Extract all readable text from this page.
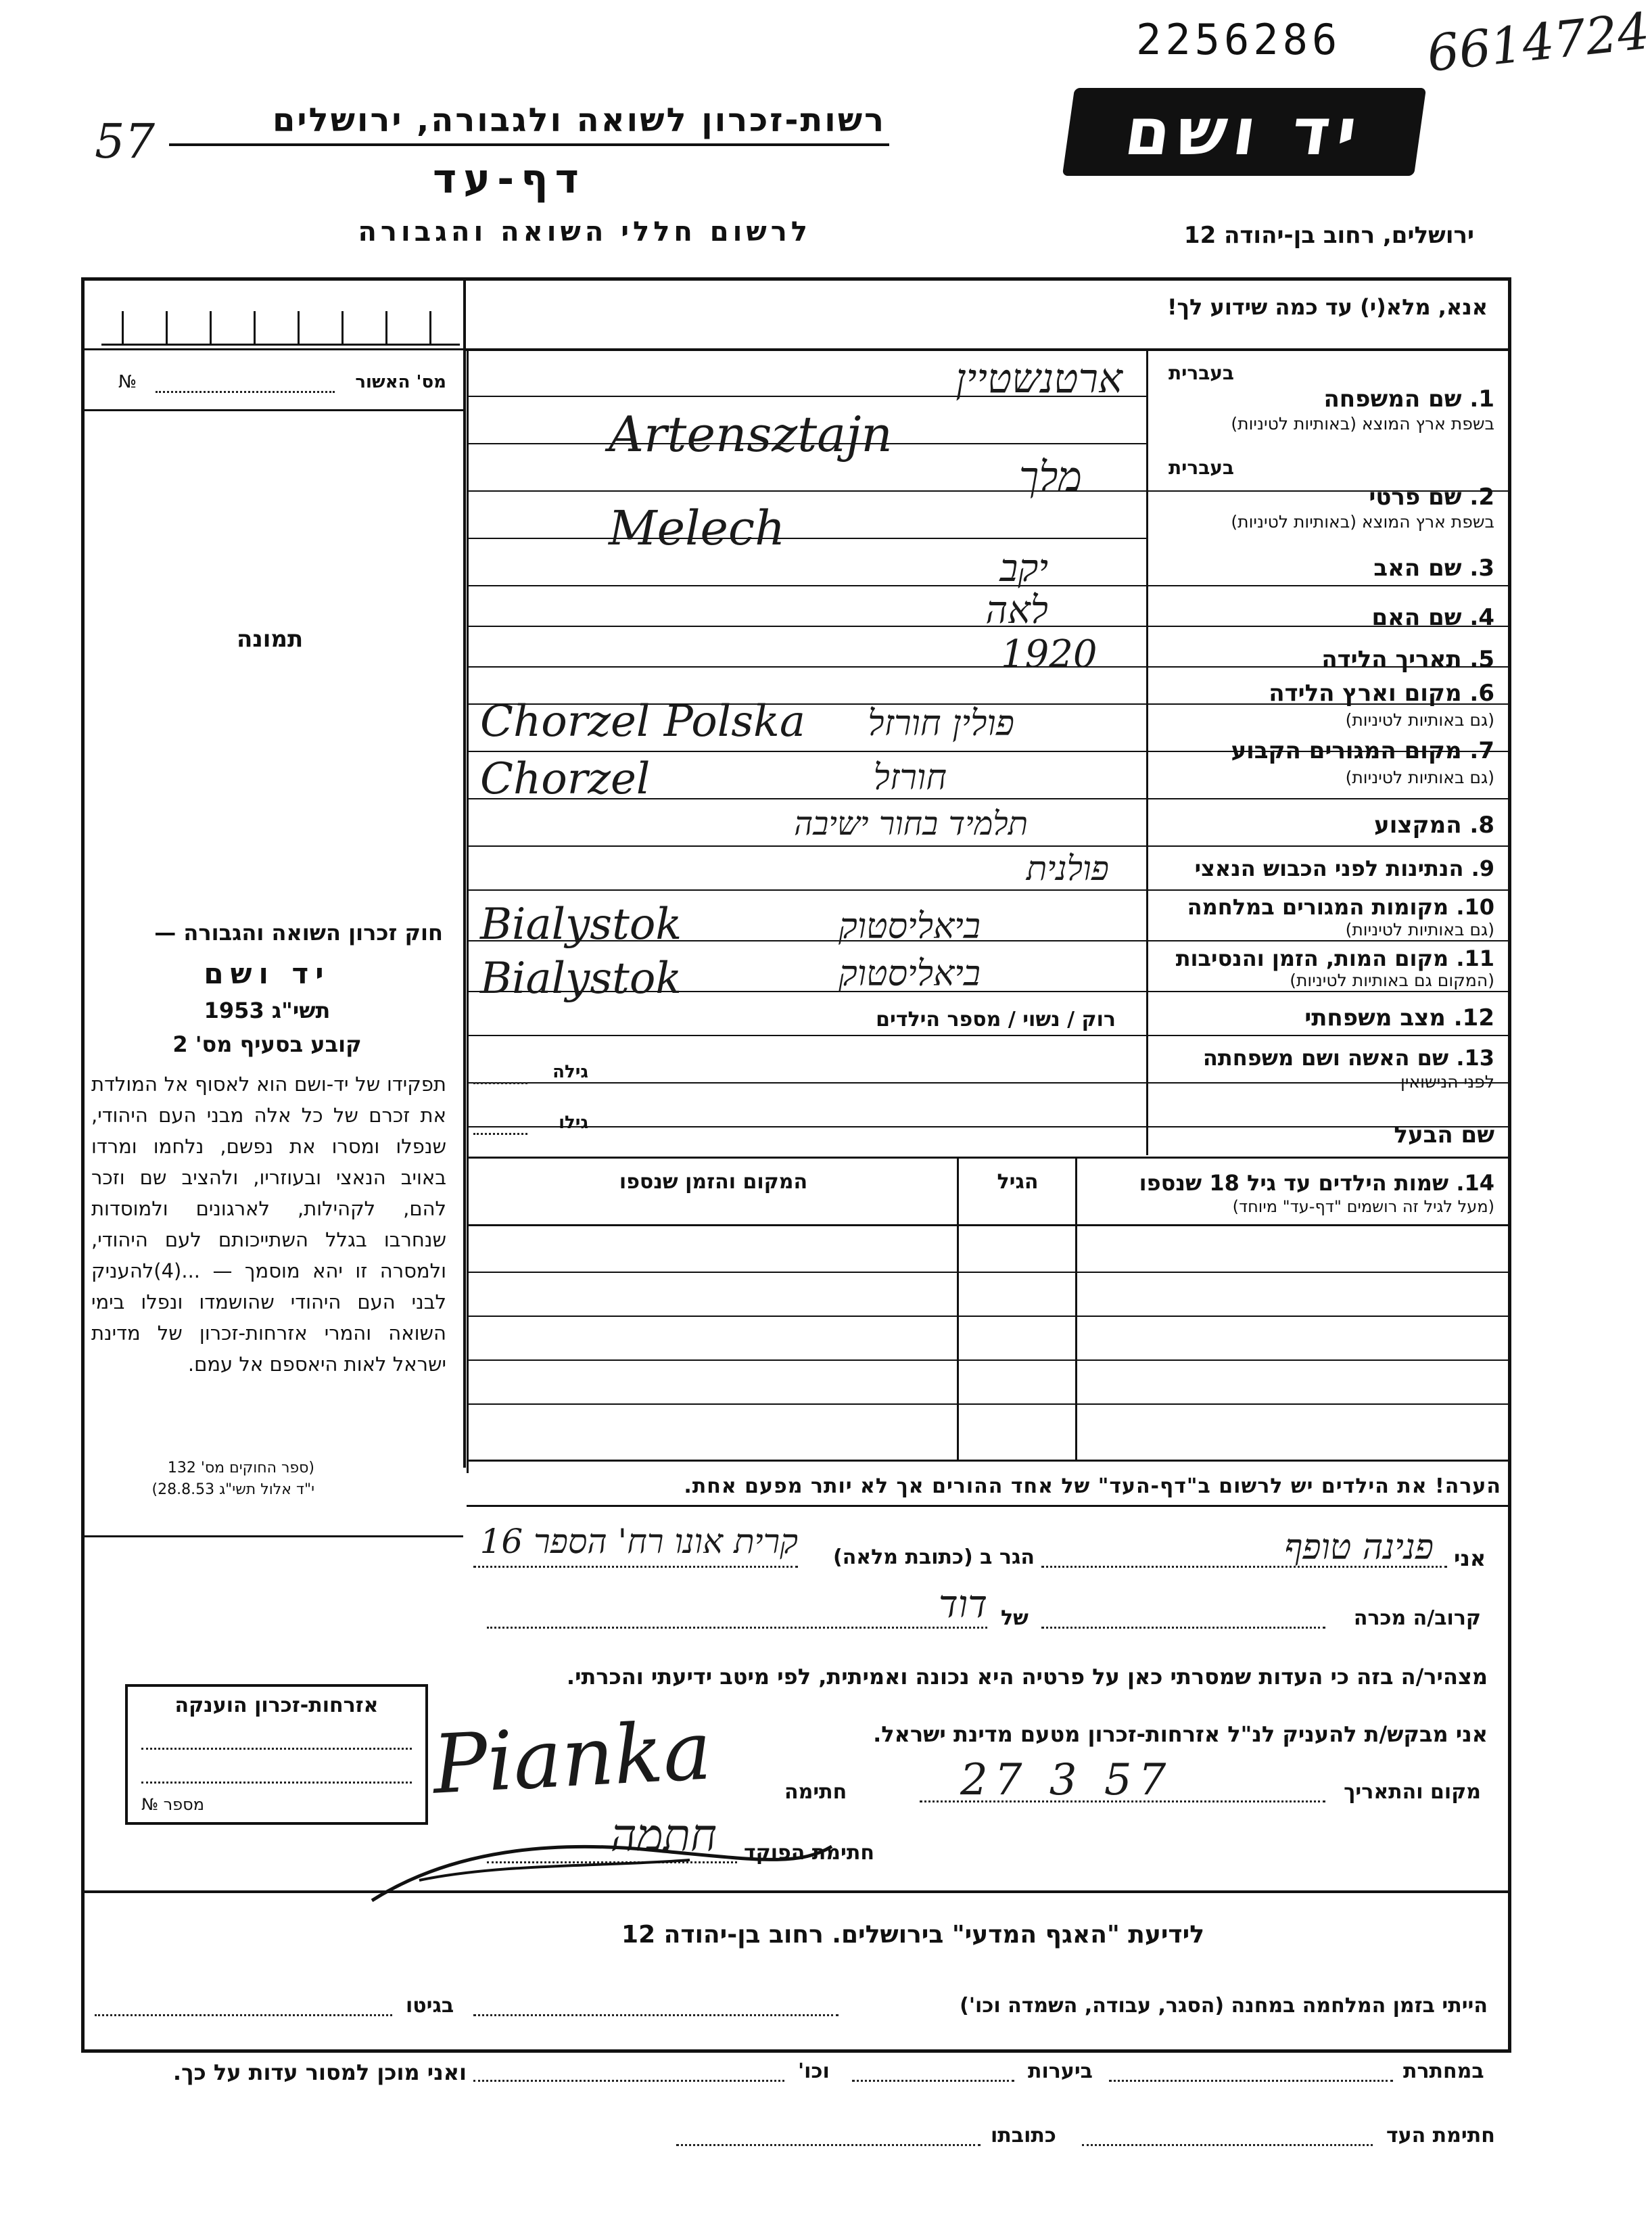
2256286 6614724
57	רשות-זכרון לשואה ולגבורה, ירושלים
דף-עד
לרשום חללי השואה והגבורה
יד ושם
ירושלים, רחוב בן-יהודה 12
אנא, מלא(י) עד כמה שידוע לך!
מס' האשור
№
תמונה
חוק זכרון השואה והגבורה —
יד ושם
תשי"ג 1953
קובע בסעיף מס' 2
תפקידו של יד-ושם הוא לאסוף אל המולדת את זכרם של כל אלה מבני העם היהודי, שנפלו ומסרו את נפשם, נלחמו ומרדו באויב הנאצי ובעוזריו, ולהציב שם וזכר להם, לקהילות, לארגונים ולמוסדות שנחרבו בגלל השתייכותם לעם היהודי, ולמסרה זו יהא מוסמך — ...(4)להעניק לבני העם היהודי שהושמדו ונפלו בימי השואה והמרי אזרחות-זכרון של מדינת ישראל לאות היאספם אל עמם.
(ספר החוקים מס' 132
י"ד אלול תשי"ג 28.8.53)
בעברית
1. שם המשפחה
בשפת ארץ המוצא (באותיות לטיניות)
ארטנשטיין
Artensztajn
בעברית
2. שם פרטי
בשפת ארץ המוצא (באותיות לטיניות)
מלך
Melech
3. שם האב
יקב
4. שם האם
לאה
5. תאריך הלידה
1920
6. מקום וארץ הלידה
(גם באותיות לטיניות)
פולין חורזל
Chorzel Polska
7. מקום המגורים הקבוע
(גם באותיות לטיניות)
חורזל
Chorzel
8. המקצוע
תלמיד בחור ישיבה
9. הנתינות לפני הכבוש הנאצי
פולנית
10. מקומות המגורים במלחמה
(גם באותיות לטיניות)
ביאליסטוק
Bialystok
11. מקום המות, הזמן והנסיבות
(המקום גם באותיות לטיניות)
ביאליסטוק
Bialystok
12. מצב משפחתי
רוק / נשוי / מספר הילדים
13. שם האשה ושם משפחתה
לפני הנישואין
גילה
שם הבעל
גילו
14. שמות הילדים עד גיל 18 שנספו
(מעל לגיל זה רושמים "דף-עד" מיוחד)
הגיל
המקום והזמן שנספו
הערה! את הילדים יש לרשום ב"דף-העד" של אחד ההורים אך לא יותר מפעם אחת.
אני
פנינה טופף
הגר ב (כתובת מלאה)
קרית אונו רח' הספר 16
קרוב/ה מכרה
של
דוד
מצהיר/ה בזה כי העדות שמסרתי כאן על פרטיה היא נכונה ואמיתית, לפי מיטב ידיעתי והכרתי.
אני מבקש/ת להעניק לנ"ל אזרחות-זכרון מטעם מדינת ישראל.
מקום והתאריך
27 3 57
חתימה
Pianka
חתימת הפוקד
חתמה
אזרחות-זכרון הוענקה
מספר №
לידיעת "האגף המדעי" בירושלים. רחוב בן-יהודה 12
הייתי בזמן המלחמה במחנה (הסגר, עבודה, השמדה וכו')
בגיטו
במחתרת
ביערות
וכו'
ואני מוכן למסור עדות על כך.
חתימת העד
כתובתו
